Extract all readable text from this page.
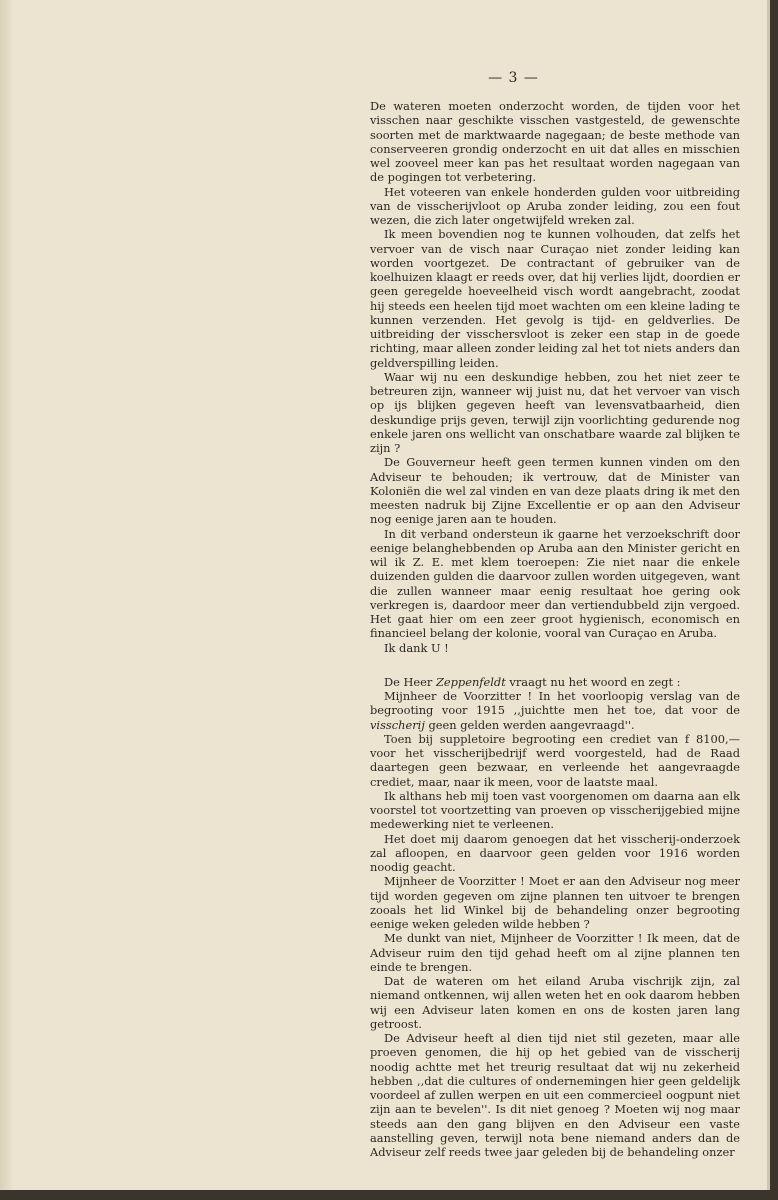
— 3 —

De wateren moeten onderzocht worden, de tijden voor het visschen naar geschikte visschen vastgesteld, de gewenschte soorten met de marktwaarde nagegaan; de beste methode van conserveeren grondig onderzocht en uit dat alles en misschien wel zooveel meer kan pas het resultaat worden nagegaan van de pogingen tot verbetering.

Het voteeren van enkele honderden gulden voor uitbreiding van de visscherijvloot op Aruba zonder leiding, zou een fout wezen, die zich later ongetwijfeld wreken zal.

Ik meen bovendien nog te kunnen volhouden, dat zelfs het vervoer van de visch naar Curaçao niet zonder leiding kan worden voortgezet. De contractant of gebruiker van de koelhuizen klaagt er reeds over, dat hij verlies lijdt, doordien er geen geregelde hoeveelheid visch wordt aangebracht, zoodat hij steeds een heelen tijd moet wachten om een kleine lading te kunnen verzenden. Het gevolg is tijd- en geldverlies. De uitbreiding der visschersvloot is zeker een stap in de goede richting, maar alleen zonder leiding zal het tot niets anders dan geldverspilling leiden.

Waar wij nu een deskundige hebben, zou het niet zeer te betreuren zijn, wanneer wij juist nu, dat het vervoer van visch op ijs blijken gegeven heeft van levensvatbaarheid, dien deskundige prijs geven, terwijl zijn voorlichting gedurende nog enkele jaren ons wellicht van onschatbare waarde zal blijken te zijn ?

De Gouverneur heeft geen termen kunnen vinden om den Adviseur te behouden; ik vertrouw, dat de Minister van Koloniën die wel zal vinden en van deze plaats dring ik met den meesten nadruk bij Zijne Excellentie er op aan den Adviseur nog eenige jaren aan te houden.

In dit verband ondersteun ik gaarne het verzoekschrift door eenige belanghebbenden op Aruba aan den Minister gericht en wil ik Z. E. met klem toeroepen: Zie niet naar die enkele duizenden gulden die daarvoor zullen worden uitgegeven, want die zullen wanneer maar eenig resultaat hoe gering ook verkregen is, daardoor meer dan vertiendubbeld zijn vergoed. Het gaat hier om een zeer groot hygienisch, economisch en financieel belang der kolonie, vooral van Curaçao en Aruba.

Ik dank U !

De Heer Zeppenfeldt vraagt nu het woord en zegt :

Mijnheer de Voorzitter ! In het voorloopig verslag van de begrooting voor 1915 ,,juichtte men het toe, dat voor de visscherij geen gelden werden aangevraagd''.

Toen bij suppletoire begrooting een crediet van f 8100,— voor het visscherijbedrijf werd voorgesteld, had de Raad daartegen geen bezwaar, en verleende het aangevraagde crediet, maar, naar ik meen, voor de laatste maal.

Ik althans heb mij toen vast voorgenomen om daarna aan elk voorstel tot voortzetting van proeven op visscherijgebied mijne medewerking niet te verleenen.

Het doet mij daarom genoegen dat het visscherij-onderzoek zal afloopen, en daarvoor geen gelden voor 1916 worden noodig geacht.

Mijnheer de Voorzitter ! Moet er aan den Adviseur nog meer tijd worden gegeven om zijne plannen ten uitvoer te brengen zooals het lid Winkel bij de behandeling onzer begrooting eenige weken geleden wilde hebben ?

Me dunkt van niet, Mijnheer de Voorzitter ! Ik meen, dat de Adviseur ruim den tijd gehad heeft om al zijne plannen ten einde te brengen.

Dat de wateren om het eiland Aruba vischrijk zijn, zal niemand ontkennen, wij allen weten het en ook daarom hebben wij een Adviseur laten komen en ons de kosten jaren lang getroost.

De Adviseur heeft al dien tijd niet stil gezeten, maar alle proeven genomen, die hij op het gebied van de visscherij noodig achtte met het treurig resultaat dat wij nu zekerheid hebben ,,dat die cultures of ondernemingen hier geen geldelijk voordeel af zullen werpen en uit een commercieel oogpunt niet zijn aan te bevelen''. Is dit niet genoeg ? Moeten wij nog maar steeds aan den gang blijven en den Adviseur een vaste aanstelling geven, terwijl nota bene niemand anders dan de Adviseur zelf reeds twee jaar geleden bij de behandeling onzer
